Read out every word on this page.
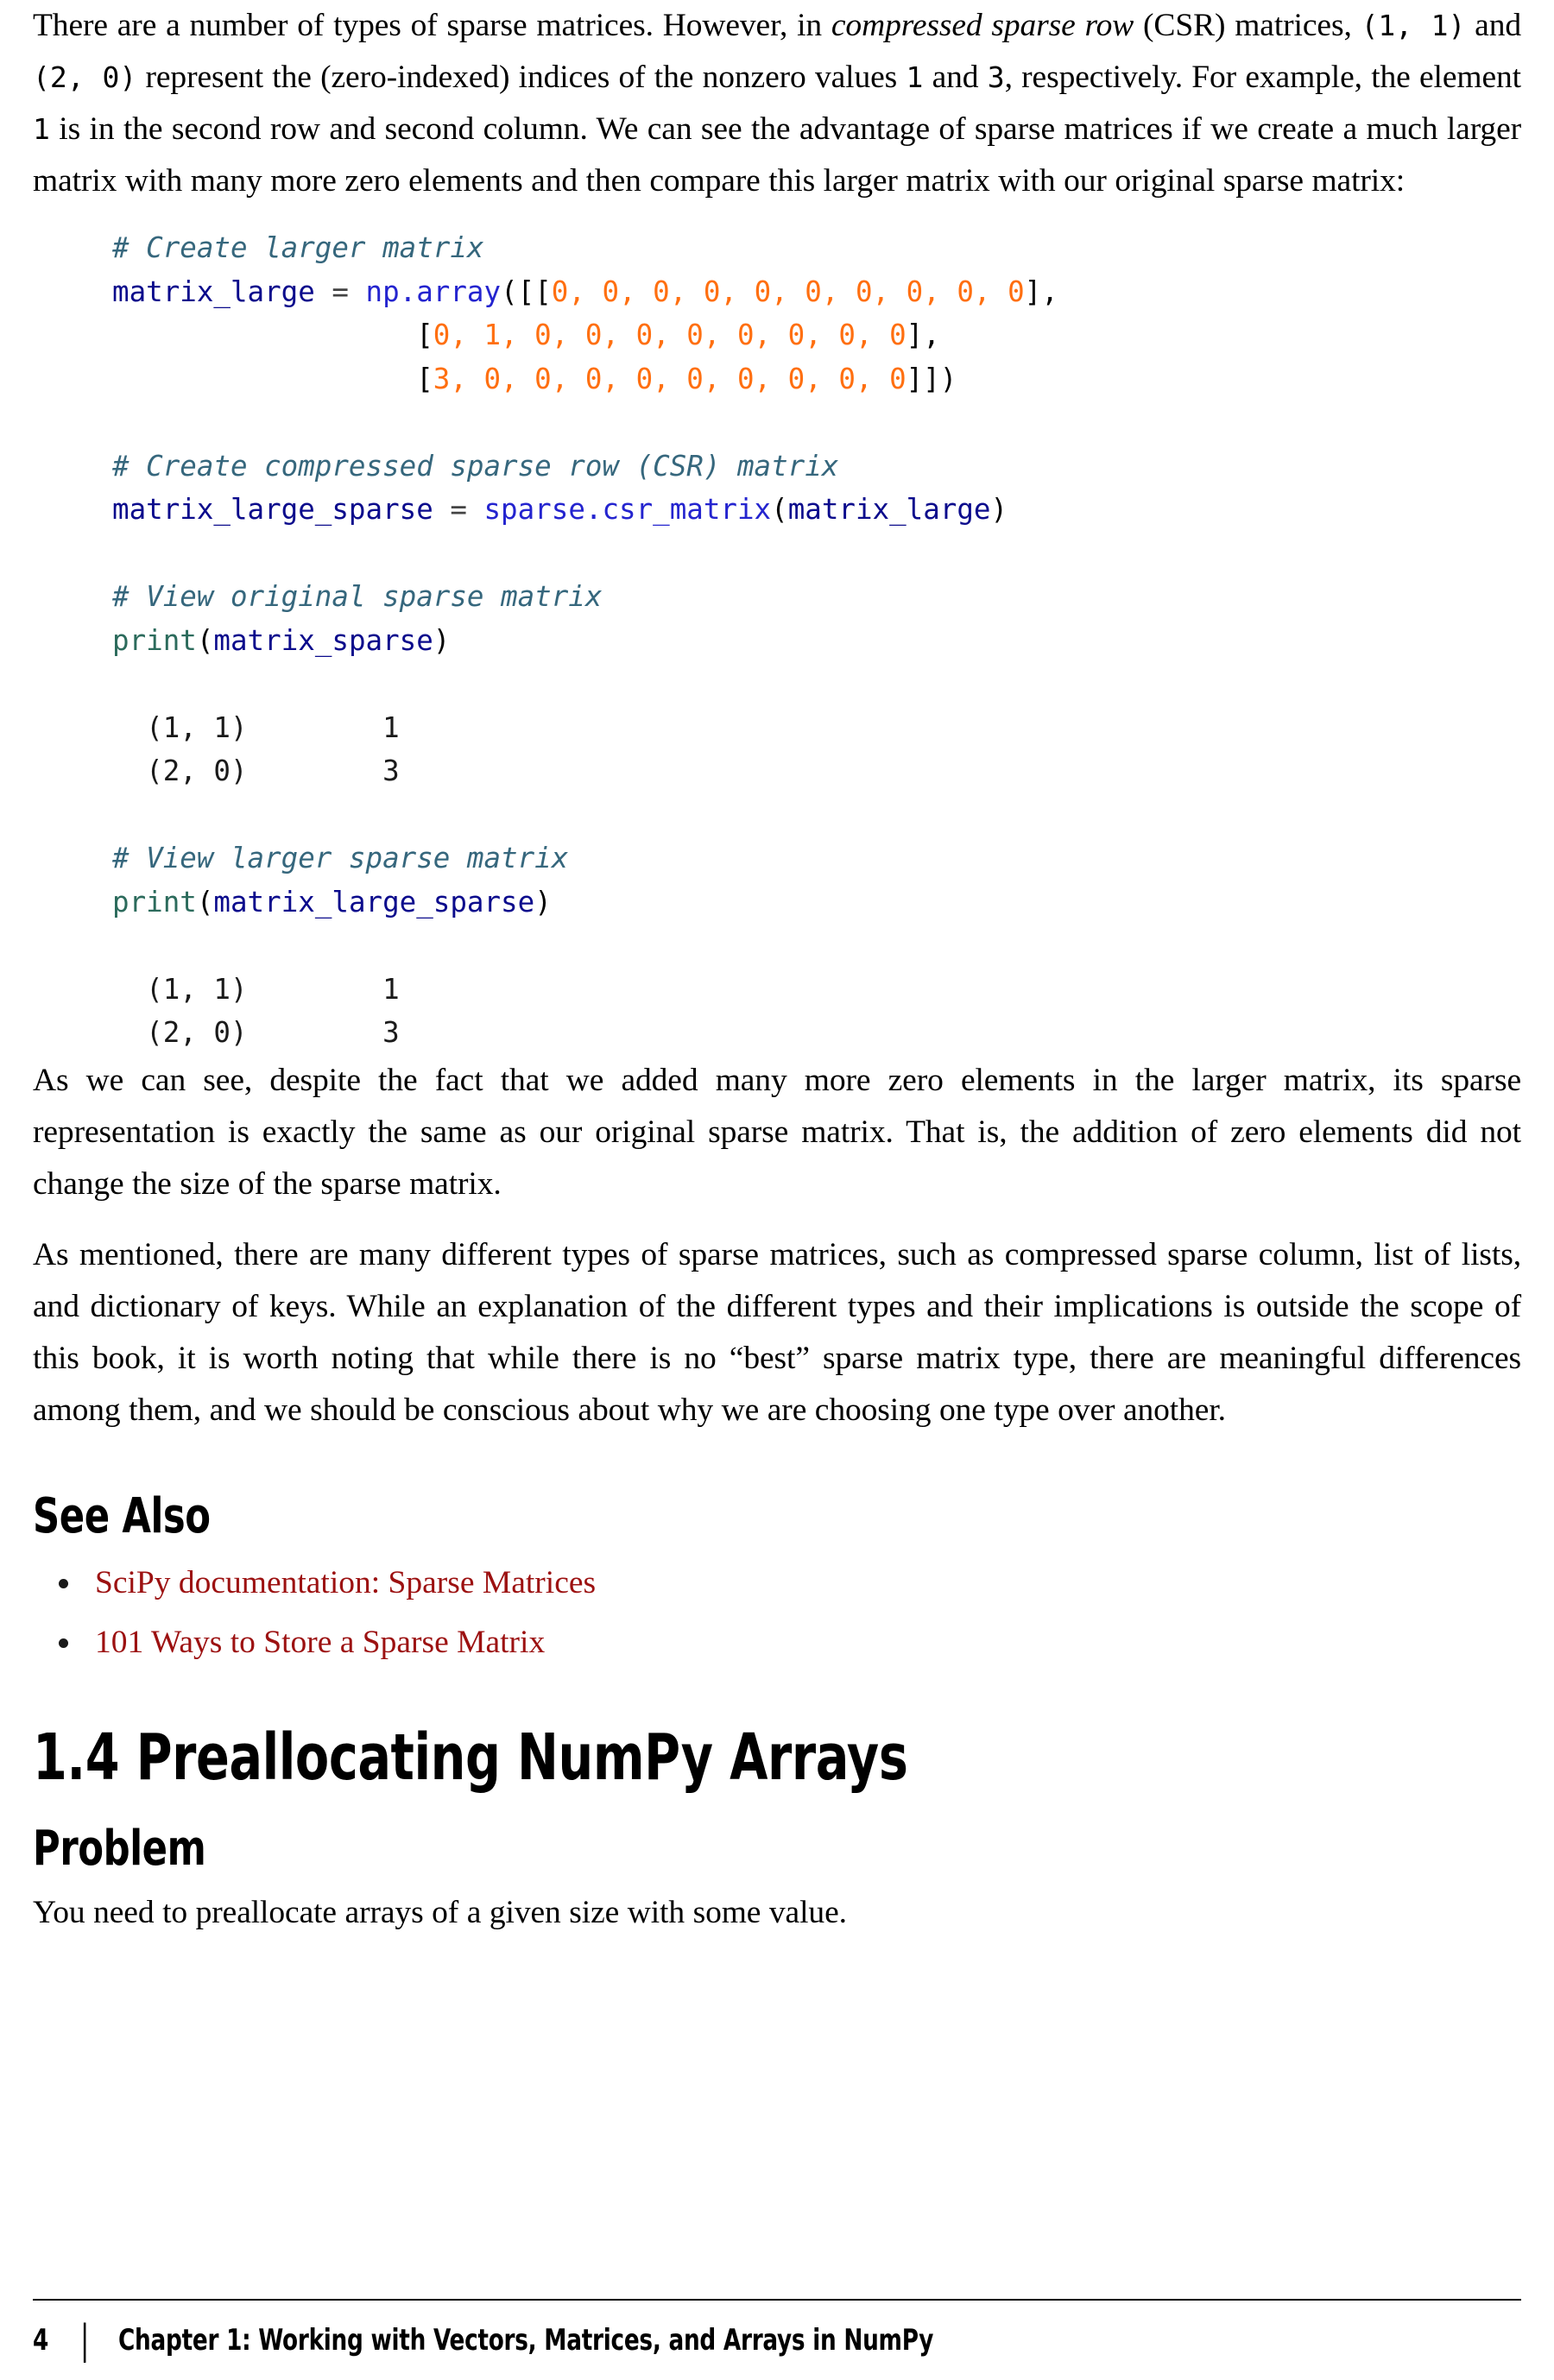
There are a number of types of sparse matrices. However, in compressed sparse row (CSR) matrices, (1, 1) and (2, 0) represent the (zero-indexed) indices of the nonzero values 1 and 3, respectively. For example, the element 1 is in the second row and second column. We can see the advantage of sparse matrices if we create a much larger matrix with many more zero elements and then compare this larger matrix with our original sparse matrix:

# Create larger matrix
matrix_large = np.array([[0, 0, 0, 0, 0, 0, 0, 0, 0, 0],
[0, 1, 0, 0, 0, 0, 0, 0, 0, 0],
[3, 0, 0, 0, 0, 0, 0, 0, 0, 0]])

# Create compressed sparse row (CSR) matrix
matrix_large_sparse = sparse.csr_matrix(matrix_large)

# View original sparse matrix
print(matrix_sparse)

(1, 1)	1
(2, 0)	3

# View larger sparse matrix
print(matrix_large_sparse)

(1, 1)	1
(2, 0)	3

As we can see, despite the fact that we added many more zero elements in the larger matrix, its sparse representation is exactly the same as our original sparse matrix. That is, the addition of zero elements did not change the size of the sparse matrix.

As mentioned, there are many different types of sparse matrices, such as compressed sparse column, list of lists, and dictionary of keys. While an explanation of the different types and their implications is outside the scope of this book, it is worth noting that while there is no “best” sparse matrix type, there are meaningful differences among them, and we should be conscious about why we are choosing one type over another.

See Also
SciPy documentation: Sparse Matrices
101 Ways to Store a Sparse Matrix
1.4 Preallocating NumPy Arrays
Problem

You need to preallocate arrays of a given size with some value.

4 | Chapter 1: Working with Vectors, Matrices, and Arrays in NumPy
